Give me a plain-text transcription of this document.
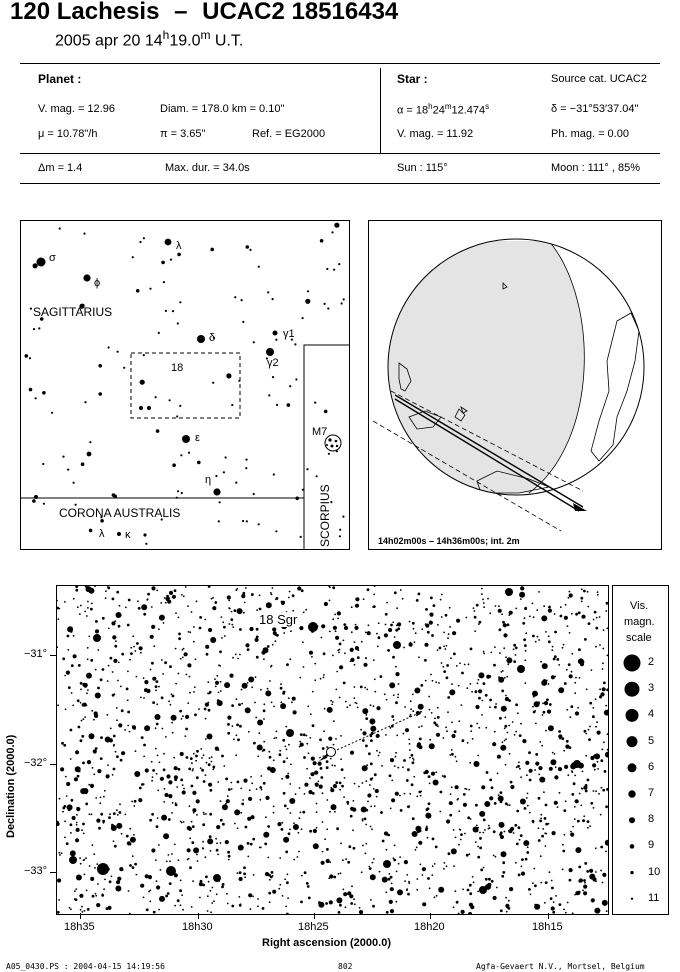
120 Lachesis – UCAC2 18516434
2005 apr 20 14$^h$19.0$^m$ U.T.
Planet :
V. mag. = 12.96	Diam. = 178.0 km = 0.10"
μ = 10.78"/h	π = 3.65"	Ref. = EG2000
Δm = 1.4	Max. dur. = 34.0s
Star :	Source cat. UCAC2
$\alpha = 18^h24^m12.474^s$	δ = −31°53′37.04"
V. mag. = 11.92	Ph. mag. = 0.00
Sun : 115°	Moon : 111° , 85%
SAGITTARIUS
CORONA AUSTRALIS	SCORPIUS
M7
18
λ
σ
ϕ
δ	γ1
γ2
ε
η
λ κ	14h02m00s – 14h36m00s; int. 2m
18 Sgr
−31°
−32°
−33°
Declination (2000.0)
18h35	18h30	18h25	18h20	18h15
Right ascension (2000.0)
Vis.
magn.
scale
2
3
4
5
6
7
8
9
10
11
A05_0430.PS : 2004-04-15 14:19:56	802	Agfa-Gevaert N.V., Mortsel, Belgium
